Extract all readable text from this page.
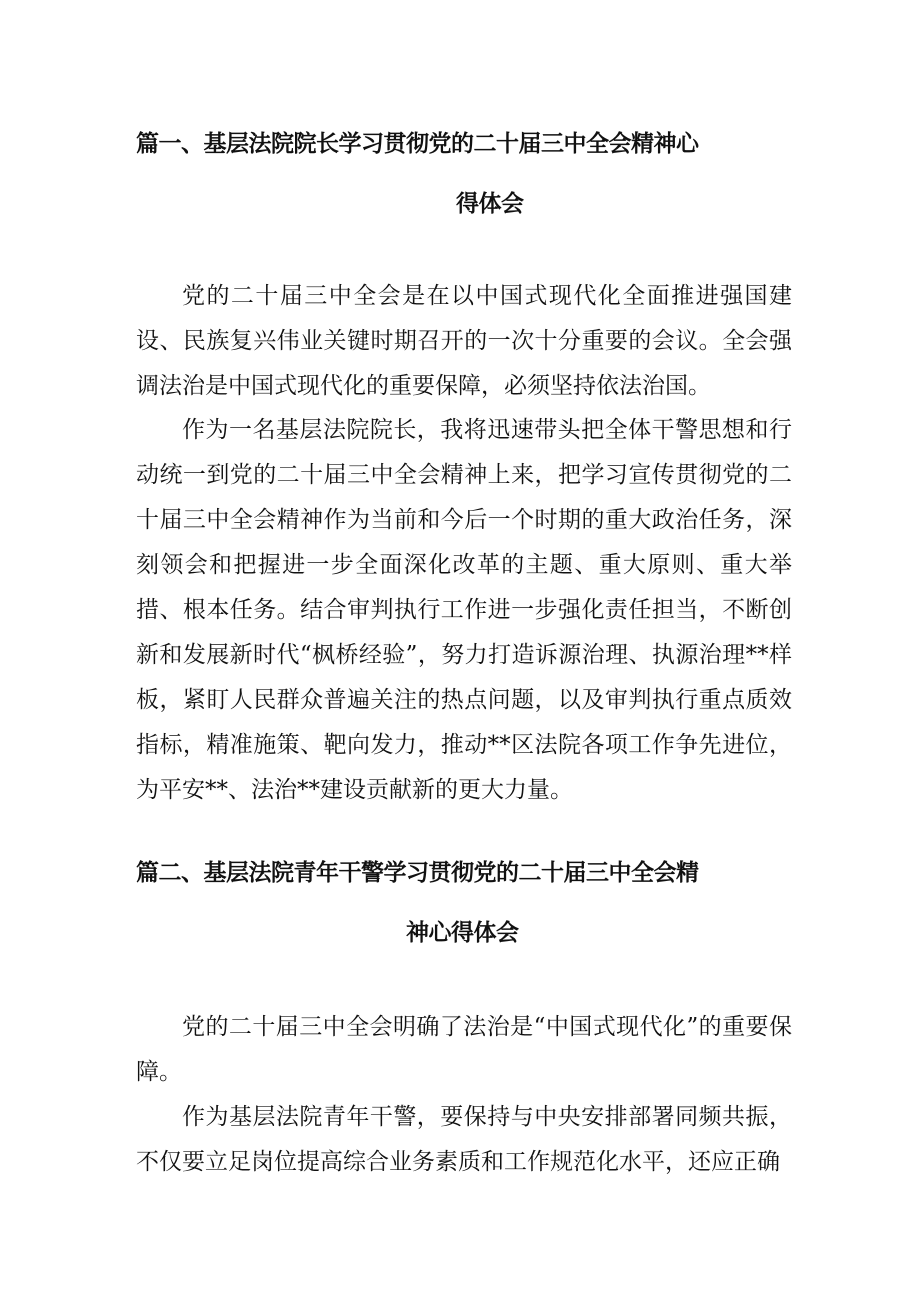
篇一、基层法院院长学习贯彻党的二十届三中全会精神心
得体会

党的二十届三中全会是在以中国式现代化全面推进强国建设、民族复兴伟业关键时期召开的一次十分重要的会议。全会强调法治是中国式现代化的重要保障，必须坚持依法治国。

作为一名基层法院院长，我将迅速带头把全体干警思想和行动统一到党的二十届三中全会精神上来，把学习宣传贯彻党的二十届三中全会精神作为当前和今后一个时期的重大政治任务，深刻领会和把握进一步全面深化改革的主题、重大原则、重大举措、根本任务。结合审判执行工作进一步强化责任担当，不断创新和发展新时代“枫桥经验”，努力打造诉源治理、执源治理**样板，紧盯人民群众普遍关注的热点问题，以及审判执行重点质效指标，精准施策、靶向发力，推动**区法院各项工作争先进位，为平安**、法治**建设贡献新的更大力量。

篇二、基层法院青年干警学习贯彻党的二十届三中全会精
神心得体会

党的二十届三中全会明确了法治是“中国式现代化”的重要保障。

作为基层法院青年干警，要保持与中央安排部署同频共振，不仅要立足岗位提高综合业务素质和工作规范化水平，还应正确
